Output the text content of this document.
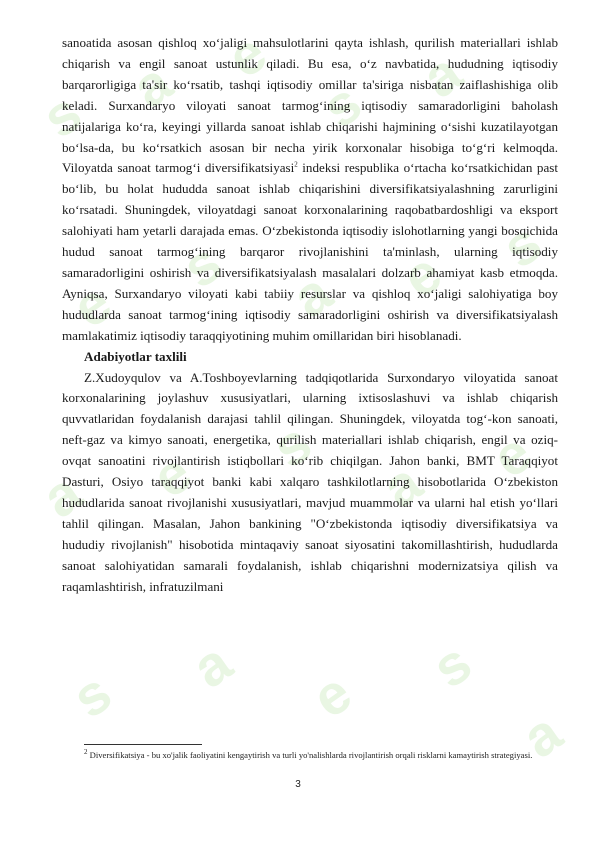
s a e
s a
e
s a e s
a e s
a e
s a e s
a

sanoatida asosan qishloq xo‘jaligi mahsulotlarini qayta ishlash, qurilish materiallari ishlab chiqarish va engil sanoat ustunlik qiladi. Bu esa, o‘z navbatida, hududning iqtisodiy barqarorligiga ta'sir ko‘rsatib, tashqi iqtisodiy omillar ta'siriga nisbatan zaiflashishiga olib keladi. Surxandaryo viloyati sanoat tarmog‘ining iqtisodiy samaradorligini baholash natijalariga ko‘ra, keyingi yillarda sanoat ishlab chiqarishi hajmining o‘sishi kuzatilayotgan bo‘lsa-da, bu ko‘rsatkich asosan bir necha yirik korxonalar hisobiga to‘g‘ri kelmoqda. Viloyatda sanoat tarmog‘i diversifikatsiyasi$^2$ indeksi respublika o‘rtacha ko‘rsatkichidan past bo‘lib, bu holat hududda sanoat ishlab chiqarishini diversifikatsiyalashning zarurligini ko‘rsatadi. Shuningdek, viloyatdagi sanoat korxonalarining raqobatbardoshligi va eksport salohiyati ham yetarli darajada emas. O‘zbekistonda iqtisodiy islohotlarning yangi bosqichida hudud sanoat tarmog‘ining barqaror rivojlanishini ta'minlash, ularning iqtisodiy samaradorligini oshirish va diversifikatsiyalash masalalari dolzarb ahamiyat kasb etmoqda. Ayniqsa, Surxandaryo viloyati kabi tabiiy resurslar va qishloq xo‘jaligi salohiyatiga boy hududlarda sanoat tarmog‘ining iqtisodiy samaradorligini oshirish va diversifikatsiyalash mamlakatimiz iqtisodiy taraqqiyotining muhim omillaridan biri hisoblanadi.

Adabiyotlar taxlili

Z.Xudoyqulov va A.Toshboyevlarning tadqiqotlarida Surxondaryo viloyatida sanoat korxonalarining joylashuv xususiyatlari, ularning ixtisoslashuvi va ishlab chiqarish quvvatlaridan foydalanish darajasi tahlil qilingan. Shuningdek, viloyatda tog‘-kon sanoati, neft-gaz va kimyo sanoati, energetika, qurilish materiallari ishlab chiqarish, engil va oziq-ovqat sanoatini rivojlantirish istiqbollari ko‘rib chiqilgan. Jahon banki, BMT Taraqqiyot Dasturi, Osiyo taraqqiyot banki kabi xalqaro tashkilotlarning hisobotlarida O‘zbekiston hududlarida sanoat rivojlanishi xususiyatlari, mavjud muammolar va ularni hal etish yo‘llari tahlil qilingan. Masalan, Jahon bankining "O‘zbekistonda iqtisodiy diversifikatsiya va hududiy rivojlanish" hisobotida mintaqaviy sanoat siyosatini takomillashtirish, hududlarda sanoat salohiyatidan samarali foydalanish, ishlab chiqarishni modernizatsiya qilish va raqamlashtirish, infratuzilmani

$^2$ Diversifikatsiya - bu xo'jalik faoliyatini kengaytirish va turli yo'nalishlarda rivojlantirish orqali risklarni kamaytirish strategiyasi.
3
